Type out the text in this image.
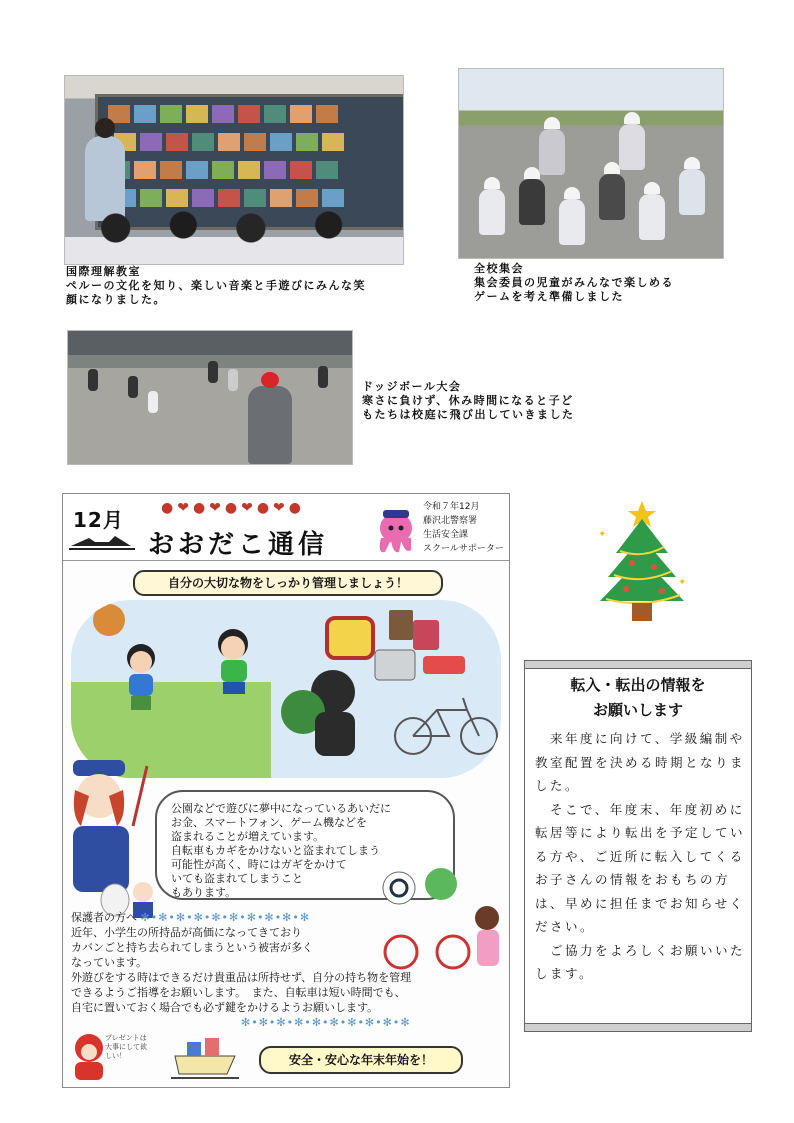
国際理解教室
ペルーの文化を知り、楽しい音楽と手遊びにみんな笑
顔になりました。
全校集会
集会委員の児童がみんなで楽しめる
ゲームを考え準備しました
ドッジボール大会
寒さに負けず、休み時間になると子ど
もたちは校庭に飛び出していきました
12月	●❤●❤●❤●❤●
おおだこ通信
令和７年12月
藤沢北警察署
生活安全課
スクールサポーター
自分の大切な物をしっかり管理しましょう！
公園などで遊びに夢中になっているあいだに
お金、スマートフォン、ゲーム機などを
盗まれることが増えています。
自転車もカギをかけないと盗まれてしまう
可能性が高く、時にはガギをかけて
いても盗まれてしまうこと
もあります。
保護者の方へ ✻•✻•✻•✻•✻•✻•✻•✻•✻•✻
近年、小学生の所持品が高価になってきており
カバンごと持ち去られてしまうという被害が多く
なっています。
外遊びをする時はできるだけ貴重品は所持せず、自分の持ち物を管理
できるようご指導をお願いします。　また、自転車は短い時間でも、
自宅に置いておく場合でも必ず鍵をかけるようお願いします。
✻•✻•✻•✻•✻•✻•✻•✻•✻•✻
プレゼントは大事にして欲しい！	安全・安心な年末年始を！
✦
✦
転入・転出の情報を
お願いします

来年度に向けて、学級編制や教室配置を決める時期となりました。

そこで、年度末、年度初めに転居等により転出を予定している方や、ご近所に転入してくるお子さんの情報をおもちの方は、早めに担任までお知らせください。

ご協力をよろしくお願いいたします。
